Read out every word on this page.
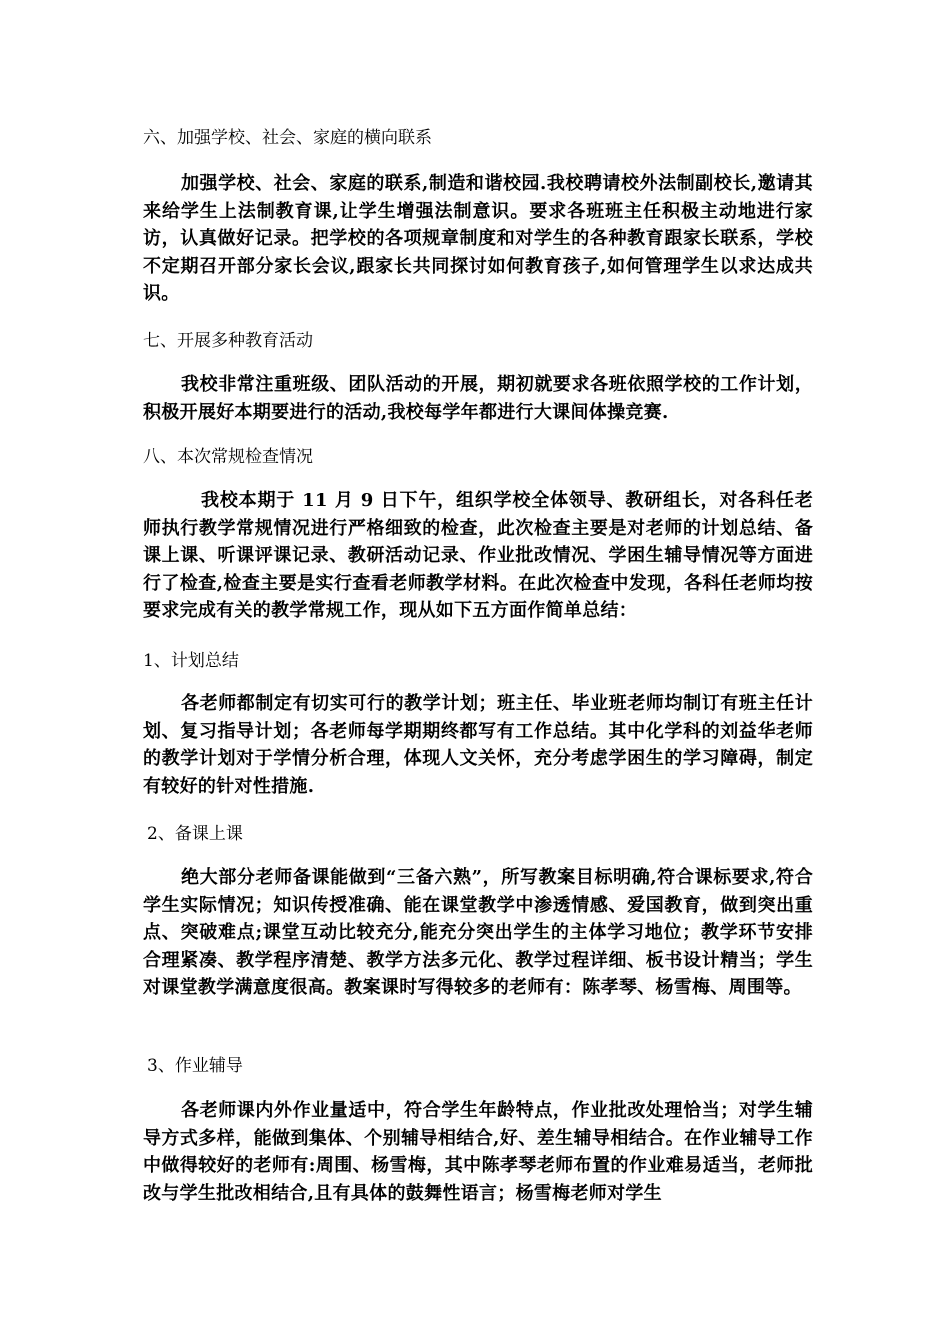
六、加强学校、社会、家庭的横向联系
加强学校、社会、家庭的联系,制造和谐校园.我校聘请校外法制副校长,邀请其来给学生上法制教育课,让学生增强法制意识。要求各班班主任积极主动地进行家访，认真做好记录。把学校的各项规章制度和对学生的各种教育跟家长联系，学校不定期召开部分家长会议,跟家长共同探讨如何教育孩子,如何管理学生以求达成共识。
七、开展多种教育活动
我校非常注重班级、团队活动的开展，期初就要求各班依照学校的工作计划，积极开展好本期要进行的活动,我校每学年都进行大课间体操竞赛.
八、本次常规检查情况
我校本期于 11 月 9 日下午，组织学校全体领导、教研组长，对各科任老师执行教学常规情况进行严格细致的检查，此次检查主要是对老师的计划总结、备课上课、听课评课记录、教研活动记录、作业批改情况、学困生辅导情况等方面进行了检查,检查主要是实行查看老师教学材料。在此次检查中发现，各科任老师均按要求完成有关的教学常规工作，现从如下五方面作简单总结：
1、计划总结
各老师都制定有切实可行的教学计划；班主任、毕业班老师均制订有班主任计划、复习指导计划；各老师每学期期终都写有工作总结。其中化学科的刘益华老师的教学计划对于学情分析合理，体现人文关怀，充分考虑学困生的学习障碍，制定有较好的针对性措施.
2、备课上课
绝大部分老师备课能做到“三备六熟”，所写教案目标明确,符合课标要求,符合学生实际情况；知识传授准确、能在课堂教学中渗透情感、爱国教育，做到突出重点、突破难点;课堂互动比较充分,能充分突出学生的主体学习地位；教学环节安排合理紧凑、教学程序清楚、教学方法多元化、教学过程详细、板书设计精当；学生对课堂教学满意度很高。教案课时写得较多的老师有：陈孝琴、杨雪梅、周围等。
3、作业辅导
各老师课内外作业量适中，符合学生年龄特点，作业批改处理恰当；对学生辅导方式多样，能做到集体、个别辅导相结合,好、差生辅导相结合。在作业辅导工作中做得较好的老师有:周围、杨雪梅，其中陈孝琴老师布置的作业难易适当，老师批改与学生批改相结合,且有具体的鼓舞性语言；杨雪梅老师对学生
